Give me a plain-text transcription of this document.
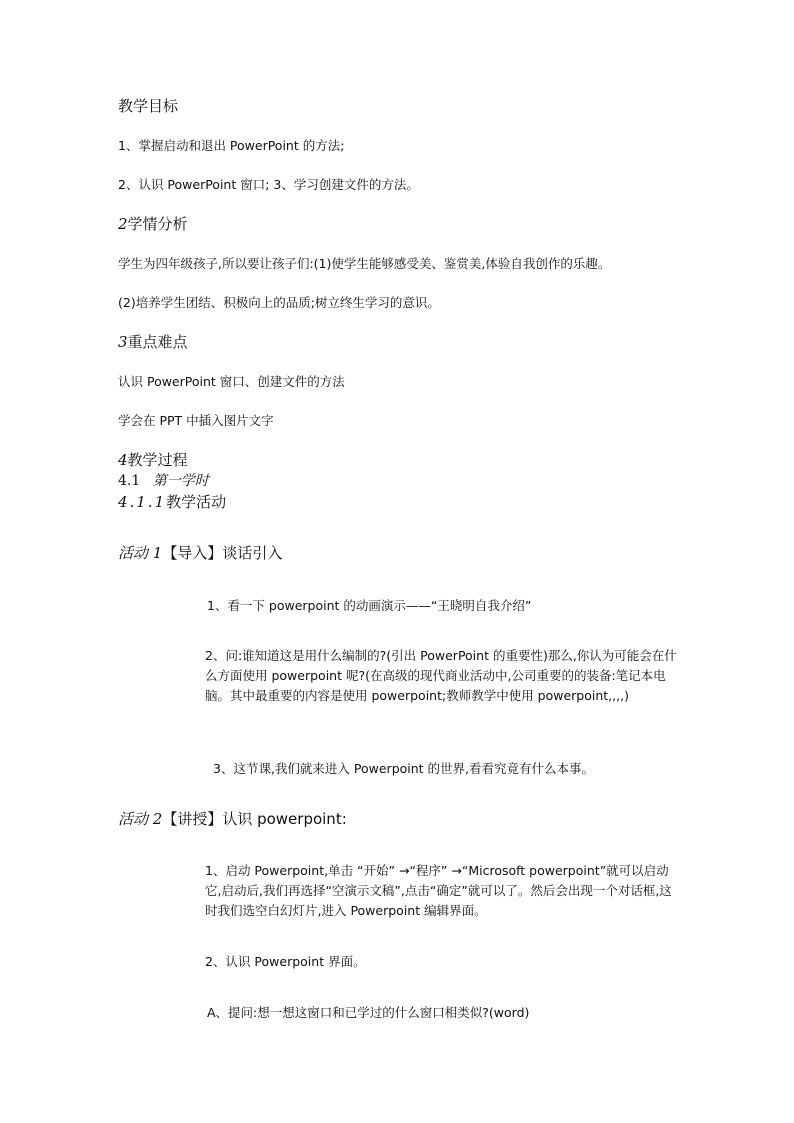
教学目标
1、掌握启动和退出 PowerPoint 的方法;
2、认识 PowerPoint 窗口; 3、学习创建文件的方法。
2学情分析
学生为四年级孩子,所以要让孩子们:(1)使学生能够感受美、鉴赏美,体验自我创作的乐趣。
(2)培养学生团结、积极向上的品质;树立终生学习的意识。
3重点难点
认识 PowerPoint 窗口、创建文件的方法
学会在 PPT 中插入图片文字
4教学过程
4.1 第一学时
4.1.1教学活动
活动 1【导入】谈话引入
1、看一下 powerpoint 的动画演示——“王晓明自我介绍”
2、问:谁知道这是用什么编制的?(引出 PowerPoint 的重要性)那么,你认为可能会在什么方面使用 powerpoint 呢?(在高级的现代商业活动中,公司重要的的装备:笔记本电脑。其中最重要的内容是使用 powerpoint;教师教学中使用 powerpoint,,,,)
3、这节课,我们就来进入 Powerpoint 的世界,看看究竟有什么本事。
活动 2【讲授】认识 powerpoint:
1、启动 Powerpoint,单击 “开始” →“程序” →“Microsoft powerpoint”就可以启动它,启动后,我们再选择“空演示文稿”,点击“确定”就可以了。然后会出现一个对话框,这时我们选空白幻灯片,进入 Powerpoint 编辑界面。
2、认识 Powerpoint 界面。
A、提问:想一想这窗口和已学过的什么窗口相类似?(word)
